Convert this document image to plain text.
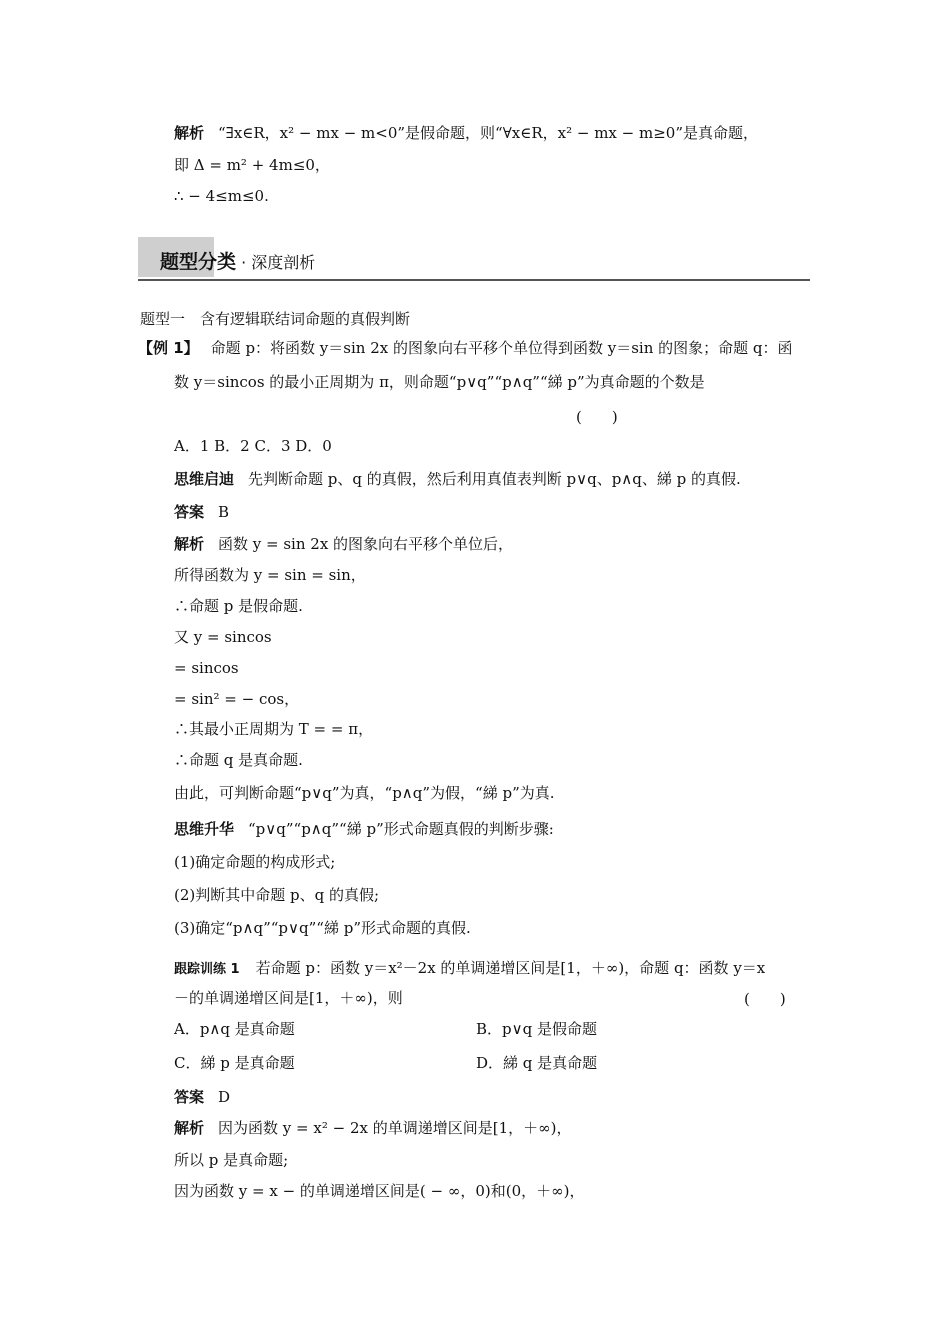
解析 “∃x∈R，x² − mx − m<0”是假命题，则“∀x∈R，x² − mx − m≥0”是真命题，
即 Δ = m² + 4m≤0，
∴ − 4≤m≤0.
题型分类 · 深度剖析
题型一　含有逻辑联结词命题的真假判断
【例 1】 命题 p：将函数 y＝sin 2x 的图象向右平移个单位得到函数 y＝sin 的图象；命题 q：函
数 y＝sincos 的最小正周期为 π，则命题“p∨q”“p∧q”“綈 p”为真命题的个数是
(　　)
A．1 B．2 C．3 D．0
思维启迪 先判断命题 p、q 的真假，然后利用真值表判断 p∨q、p∧q、綈 p 的真假.
答案 B
解析 函数 y = sin 2x 的图象向右平移个单位后，
所得函数为 y = sin = sin，
∴命题 p 是假命题.
又 y = sincos
= sincos
= sin² = − cos，
∴其最小正周期为 T = = π，
∴命题 q 是真命题.
由此，可判断命题“p∨q”为真，“p∧q”为假，“綈 p”为真.
思维升华 “p∨q”“p∧q”“綈 p”形式命题真假的判断步骤:
(1)确定命题的构成形式;
(2)判断其中命题 p、q 的真假;
(3)确定“p∧q”“p∨q”“綈 p”形式命题的真假.
跟踪训练 1 若命题 p：函数 y＝x²－2x 的单调递增区间是[1，＋∞)，命题 q：函数 y＝x
－的单调递增区间是[1，＋∞)，则	(　　)
A．p∧q 是真命题	B．p∨q 是假命题
C．綈 p 是真命题	D．綈 q 是真命题
答案 D
解析 因为函数 y = x² − 2x 的单调递增区间是[1，＋∞)，
所以 p 是真命题;
因为函数 y = x − 的单调递增区间是( − ∞，0)和(0，＋∞)，
